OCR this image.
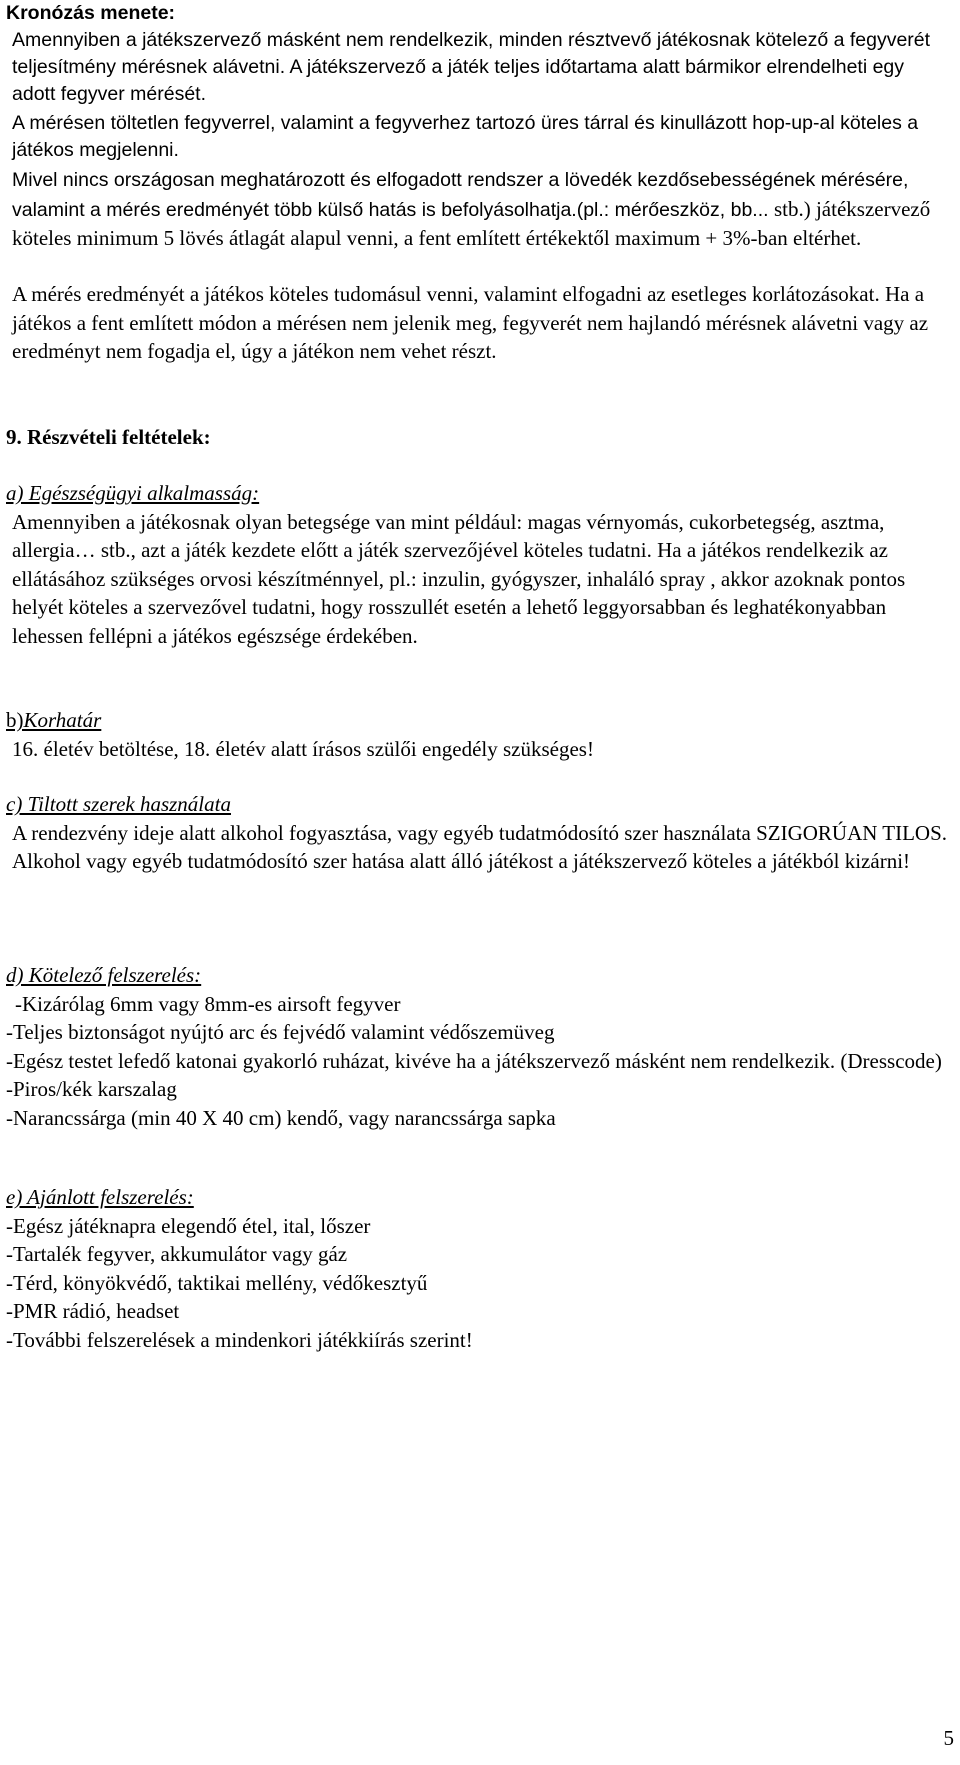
Kronózás menete:

Amennyiben a játékszervező másként nem rendelkezik, minden résztvevő játékosnak kötelező a fegyverét teljesítmény mérésnek alávetni. A játékszervező a játék teljes időtartama alatt bármikor elrendelheti egy adott fegyver mérését.

A mérésen töltetlen fegyverrel, valamint a fegyverhez tartozó üres tárral és kinullázott hop-up-al köteles a játékos megjelenni.

Mivel nincs országosan meghatározott és elfogadott rendszer a lövedék kezdősebességének mérésére, valamint a mérés eredményét több külső hatás is befolyásolhatja.(pl.: mérőeszköz, bb... stb.) játékszervező köteles minimum 5 lövés átlagát alapul venni, a fent említett értékektől maximum + 3%-ban eltérhet.

A mérés eredményét a játékos köteles tudomásul venni, valamint elfogadni az esetleges korlátozásokat. Ha a játékos a fent említett módon a mérésen nem jelenik meg, fegyverét nem hajlandó mérésnek alávetni vagy az eredményt nem fogadja el, úgy a játékon nem vehet részt.

9. Részvételi feltételek:

a) Egészségügyi alkalmasság:

Amennyiben a játékosnak olyan betegsége van mint például: magas vérnyomás, cukorbetegség, asztma, allergia… stb., azt a játék kezdete előtt a játék szervezőjével köteles tudatni. Ha a játékos rendelkezik az ellátásához szükséges orvosi készítménnyel, pl.: inzulin, gyógyszer, inhaláló spray , akkor azoknak pontos helyét köteles a szervezővel tudatni, hogy rosszullét esetén a lehető leggyorsabban és leghatékonyabban lehessen fellépni a játékos egészsége érdekében.

b)Korhatár

16. életév betöltése, 18. életév alatt írásos szülői engedély szükséges!

c) Tiltott szerek használata

A rendezvény ideje alatt alkohol fogyasztása, vagy egyéb tudatmódosító szer használata SZIGORÚAN TILOS. Alkohol vagy egyéb tudatmódosító szer hatása alatt álló játékost a játékszervező köteles a játékból kizárni!

d) Kötelező felszerelés:

-Kizárólag 6mm vagy 8mm-es airsoft fegyver

-Teljes biztonságot nyújtó arc és fejvédő valamint védőszemüveg

-Egész testet lefedő katonai gyakorló ruházat, kivéve ha a játékszervező másként nem rendelkezik. (Dresscode)

-Piros/kék karszalag

-Narancssárga (min 40 X 40 cm) kendő, vagy narancssárga sapka

e) Ajánlott felszerelés:

-Egész játéknapra elegendő étel, ital, lőszer

-Tartalék fegyver, akkumulátor vagy gáz

-Térd, könyökvédő, taktikai mellény, védőkesztyű

-PMR rádió, headset

-További felszerelések a mindenkori játékkiírás szerint!

5
